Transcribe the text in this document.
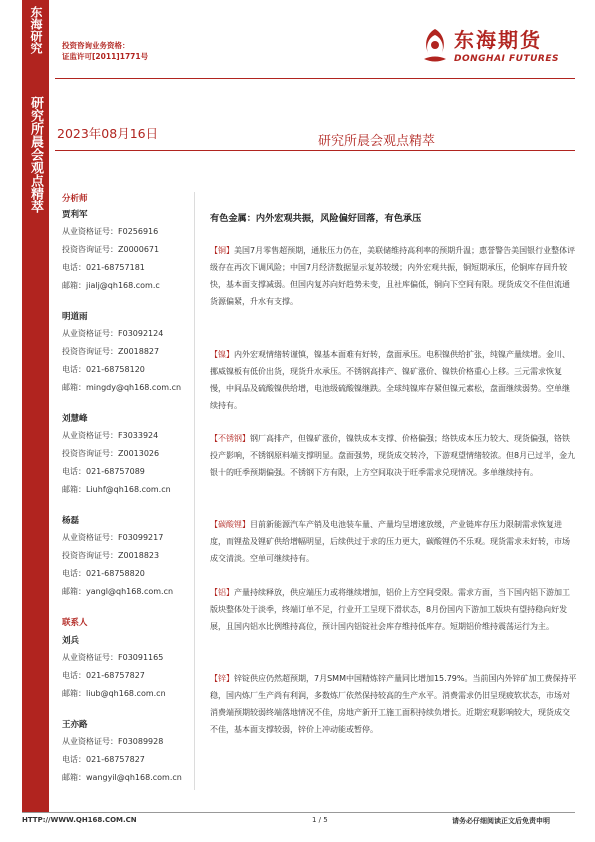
东海研究
研究所晨会观点精萃
投资咨询业务资格：
证监许可[2011]1771号
东海期货
DONGHAI FUTURES
2023年08月16日
研究所晨会观点精萃
分析师
贾利军
从业资格证号：F0256916
投资咨询证号：Z0000671
电话：021-68757181
邮箱：jialj@qh168.com.c
明道雨
从业资格证号：F03092124
投资咨询证号：Z0018827
电话：021-68758120
邮箱：mingdy@qh168.com.cn
刘慧峰
从业资格证号：F3033924
投资咨询证号：Z0013026
电话：021-68757089
邮箱：Liuhf@qh168.com.cn
杨磊
从业资格证号：F03099217
投资咨询证号：Z0018823
电话：021-68758820
邮箱：yangl@qh168.com.cn
联系人
刘兵
从业资格证号：F03091165
电话：021-68757827
邮箱：liub@qh168.com.cn
王亦路
从业资格证号：F03089928
电话：021-68757827
邮箱：wangyil@qh168.com.cn
有色金属：内外宏观共振，风险偏好回落，有色承压
【铜】美国7月零售超预期，通胀压力仍在，美联储维持高利率的预期升温；惠誉警告美国银行业整体评级存在再次下调风险；中国7月经济数据显示复苏较缓；内外宏观共振，铜短期承压，伦铜库存回升较快，基本面支撑减弱。但国内复苏向好趋势未变，且社库偏低，铜向下空间有限。现货成交不佳但流通货源偏紧，升水有支撑。
【镍】内外宏观情绪转谨慎，镍基本面难有好转，盘面承压。电积镍供给扩张，纯镍产量续增。金川、挪威镍板有低价出货，现货升水承压。不锈钢高排产、镍矿涨价、镍铁价格重心上移。三元需求恢复慢，中间品及硫酸镍供给增，电池级硫酸镍继跌。全球纯镍库存紧但镍元素松，盘面继续弱势。空单继续持有。
【不锈钢】钢厂高排产，但镍矿涨价，镍铁成本支撑、价格偏强；络铁成本压力较大、现货偏强，铬铁投产影响，不锈钢原料端支撑明显。盘面强势，现货成交转冷，下游观望情绪较浓。但8月已过半，金九银十的旺季预期偏强。不锈钢下方有限，上方空间取决于旺季需求兑现情况。多单继续持有。
【碳酸锂】目前新能源汽车产销及电池装车量、产量均呈增速放缓，产业链库存压力限制需求恢复进度，而锂盐及锂矿供给增幅明显，后续供过于求的压力更大，碳酸锂仍不乐观。现货需求未好转，市场成交清淡。空单可继续持有。
【铝】产量持续释放，供应端压力或将继续增加，铝价上方空间受限。需求方面，当下国内铝下游加工版块整体处于淡季，终端订单不足，行业开工呈现下滑状态，8月份国内下游加工版块有望持稳向好发展，且国内铝水比例维持高位，预计国内铝锭社会库存维持低库存。短期铝价维持震荡运行为主。
【锌】锌锭供应仍然超预期，7月SMM中国精炼锌产量同比增加15.79%。当前国内外锌矿加工费保持平稳，国内炼厂生产尚有利润，多数炼厂依然保持较高的生产水平。消费需求仍旧呈现疲软状态，市场对消费端预期较弱终端落地情况不佳，房地产新开工施工面积持续负增长。近期宏观影响较大，现货成交不佳，基本面支撑较弱，锌价上冲动能或暂停。
HTTP://WWW.QH168.COM.CN	1 / 5	请务必仔细阅读正文后免责申明
